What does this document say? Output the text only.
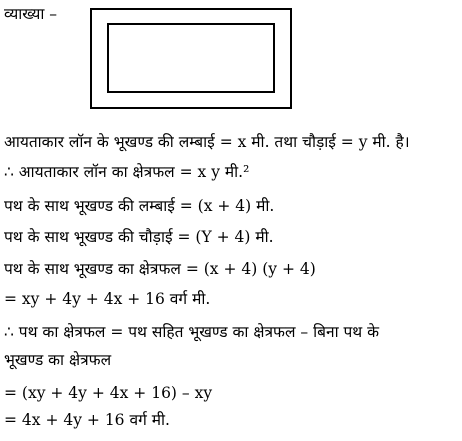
व्याख्या –
आयताकार लॉन के भूखण्ड की लम्बाई = x मी. तथा चौड़ाई = y मी. है।
∴ आयताकार लॉन का क्षेत्रफल = x y मी.²
पथ के साथ भूखण्ड की लम्बाई = (x + 4) मी.
पथ के साथ भूखण्ड की चौड़ाई = (Y + 4) मी.
पथ के साथ भूखण्ड का क्षेत्रफल = (x + 4) (y + 4)
= xy + 4y + 4x + 16 वर्ग मी.
∴ पथ का क्षेत्रफल = पथ सहित भूखण्ड का क्षेत्रफल – बिना पथ के
भूखण्ड का क्षेत्रफल
= (xy + 4y + 4x + 16) – xy
= 4x + 4y + 16 वर्ग मी.
